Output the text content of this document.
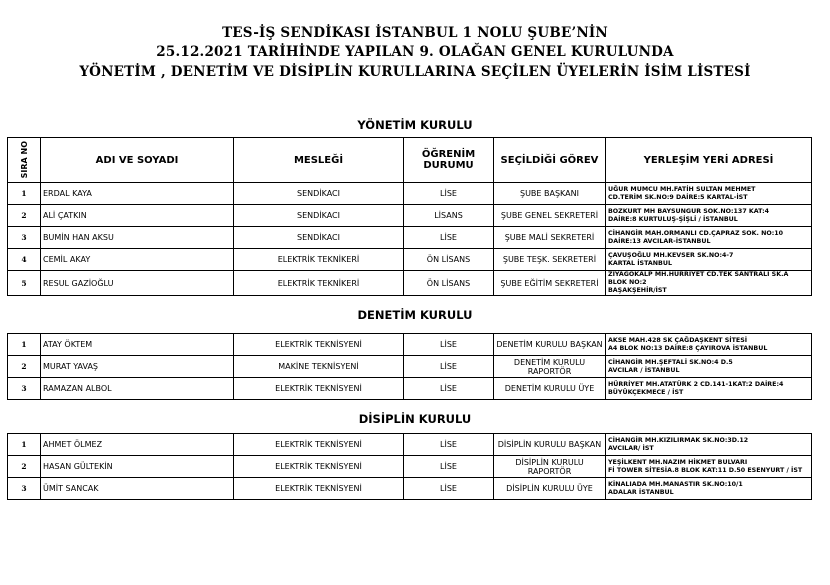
TES-İŞ SENDİKASI İSTANBUL 1 NOLU ŞUBE’NİN
25.12.2021 TARİHİNDE YAPILAN 9. OLAĞAN GENEL KURULUNDA
YÖNETİM , DENETİM VE DİSİPLİN KURULLARINA SEÇİLEN ÜYELERİN İSİM LİSTESİ
YÖNETİM KURULU
DENETİM KURULU
DİSİPLİN KURULU
SIRA NO	ADI VE SOYADI	MESLEĞİ	ÖĞRENİM DURUMU	SEÇİLDİĞİ GÖREV	YERLEŞİM YERİ ADRESİ
1	ERDAL KAYA	SENDİKACI	LİSE	ŞUBE BAŞKANI	UĞUR MUMCU MH.FATİH SULTAN MEHMET
CD.TERİM SK.NO:9 DAİRE:5 KARTAL-İST

2	ALİ ÇATKIN	SENDİKACI	LİSANS	ŞUBE GENEL SEKRETERİ	BOZKURT MH BAYSUNGUR SOK.NO:137 KAT:4
DAİRE:8 KURTULUŞ-ŞİŞLİ / İSTANBUL

3	BUMİN HAN AKSU	SENDİKACI	LİSE	ŞUBE MALİ SEKRETERİ	CİHANGİR MAH.ORMANLI CD.ÇAPRAZ SOK. NO:10
DAİRE:13 AVCILAR-İSTANBUL

4	CEMİL AKAY	ELEKTRİK TEKNİKERİ	ÖN LİSANS	ŞUBE TEŞK. SEKRETERİ	ÇAVUŞOĞLU MH.KEVSER SK.NO:4-7
KARTAL İSTANBUL

5	RESUL GAZİOĞLU	ELEKTRİK TEKNİKERİ	ÖN LİSANS	ŞUBE EĞİTİM SEKRETERİ	ZİYAGÖKALP MH.HÜRRİYET CD.TEK SANTRALİ SK.A BLOK NO:2
BAŞAKŞEHİR/İST
1	ATAY ÖKTEM	ELEKTRİK TEKNİSYENİ	LİSE	DENETİM KURULU BAŞKAN	AKSE MAH.428 SK ÇAĞDAŞKENT SİTESİ
A4 BLOK NO:13 DAİRE:8 ÇAYIROVA İSTANBUL

2	MURAT YAVAŞ	MAKİNE TEKNİSYENİ	LİSE	DENETİM KURULU RAPORTÖR	CİHANGİR MH.ŞEFTALİ SK.NO:4 D.5
AVCILAR / İSTANBUL

3	RAMAZAN ALBOL	ELEKTRİK TEKNİSYENİ	LİSE	DENETİM KURULU ÜYE	HÜRRİYET MH.ATATÜRK 2 CD.141-1KAT:2 DAİRE:4
BÜYÜKÇEKMECE / İST
1	AHMET ÖLMEZ	ELEKTRİK TEKNİSYENİ	LİSE	DİSİPLİN KURULU BAŞKAN	CİHANGİR MH.KIZILIRMAK SK.NO:3D.12
AVCILAR/ İST

2	HASAN GÜLTEKİN	ELEKTRİK TEKNİSYENİ	LİSE	DİSİPLİN KURULU RAPORTÖR	YEŞİLKENT MH.NAZIM HİKMET BULVARI
Fİ TOWER SİTESİA.8 BLOK KAT:11 D.50 ESENYURT / İST

3	ÜMİT SANCAK	ELEKTRİK TEKNİSYENİ	LİSE	DİSİPLİN KURULU ÜYE	KİNALIADA MH.MANASTIR SK.NO:10/1
ADALAR İSTANBUL
